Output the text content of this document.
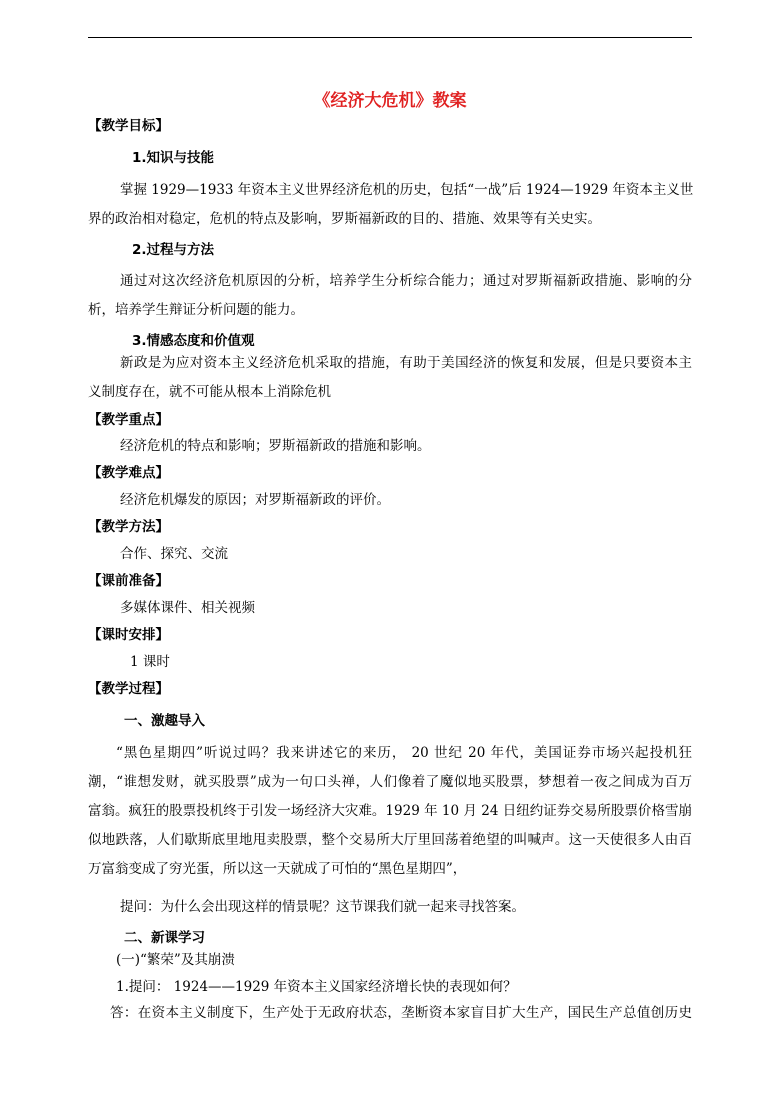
《经济大危机》教案
【教学目标】
1.知识与技能
掌握 1929—1933 年资本主义世界经济危机的历史，包括“一战”后 1924—1929 年资本主义世
界的政治相对稳定，危机的特点及影响，罗斯福新政的目的、措施、效果等有关史实。
2.过程与方法
通过对这次经济危机原因的分析，培养学生分析综合能力；通过对罗斯福新政措施、影响的分
析，培养学生辩证分析问题的能力。
3.情感态度和价值观
新政是为应对资本主义经济危机采取的措施，有助于美国经济的恢复和发展，但是只要资本主
义制度存在，就不可能从根本上消除危机
【教学重点】
经济危机的特点和影响；罗斯福新政的措施和影响。
【教学难点】
经济危机爆发的原因；对罗斯福新政的评价。
【教学方法】
合作、探究、交流
【课前准备】
多媒体课件、相关视频
【课时安排】
1 课时
【教学过程】
一、激趣导入
“黑色星期四”听说过吗？我来讲述它的来历， 20 世纪 20 年代，美国证券市场兴起投机狂
潮，“谁想发财，就买股票”成为一句口头禅，人们像着了魔似地买股票，梦想着一夜之间成为百万
富翁。疯狂的股票投机终于引发一场经济大灾难。1929 年 10 月 24 日纽约证券交易所股票价格雪崩
似地跌落，人们歇斯底里地甩卖股票，整个交易所大厅里回荡着绝望的叫喊声。这一天使很多人由百
万富翁变成了穷光蛋，所以这一天就成了可怕的“黑色星期四”，
提问：为什么会出现这样的情景呢？这节课我们就一起来寻找答案。
二、新课学习
(一)“繁荣”及其崩溃
1.提问： 1924——1929 年资本主义国家经济增长快的表现如何？
答：在资本主义制度下，生产处于无政府状态，垄断资本家盲目扩大生产，国民生产总值创历史
